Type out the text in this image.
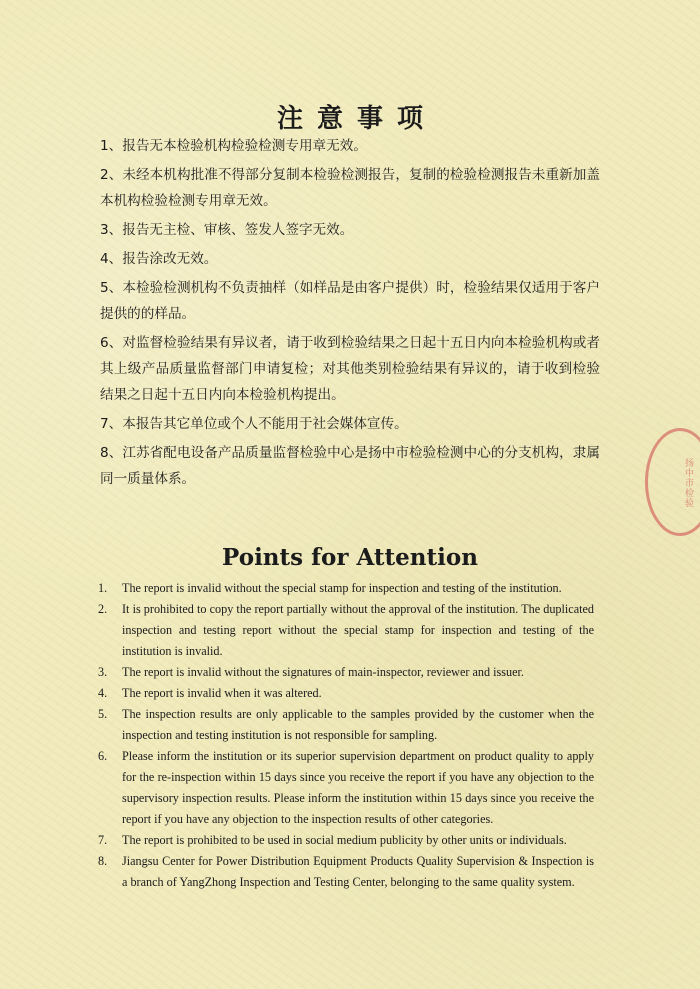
注意事项
1、报告无本检验机构检验检测专用章无效。
2、未经本机构批准不得部分复制本检验检测报告，复制的检验检测报告未重新加盖本机构检验检测专用章无效。
3、报告无主检、审核、签发人签字无效。
4、报告涂改无效。
5、本检验检测机构不负责抽样（如样品是由客户提供）时，检验结果仅适用于客户提供的的样品。
6、对监督检验结果有异议者，请于收到检验结果之日起十五日内向本检验机构或者其上级产品质量监督部门申请复检；对其他类别检验结果有异议的，请于收到检验结果之日起十五日内向本检验机构提出。
7、本报告其它单位或个人不能用于社会媒体宣传。
8、江苏省配电设备产品质量监督检验中心是扬中市检验检测中心的分支机构，隶属同一质量体系。
Points for Attention
1. The report is invalid without the special stamp for inspection and testing of the institution.
2. It is prohibited to copy the report partially without the approval of the institution. The duplicated inspection and testing report without the special stamp for inspection and testing of the institution is invalid.
3. The report is invalid without the signatures of main-inspector, reviewer and issuer.
4. The report is invalid when it was altered.
5. The inspection results are only applicable to the samples provided by the customer when the inspection and testing institution is not responsible for sampling.
6. Please inform the institution or its superior supervision department on product quality to apply for the re-inspection within 15 days since you receive the report if you have any objection to the supervisory inspection results. Please inform the institution within 15 days since you receive the report if you have any objection to the inspection results of other categories.
7. The report is prohibited to be used in social medium publicity by other units or individuals.
8. Jiangsu Center for Power Distribution Equipment Products Quality Supervision & Inspection is a branch of YangZhong Inspection and Testing Center, belonging to the same quality system.
扬中市检验
